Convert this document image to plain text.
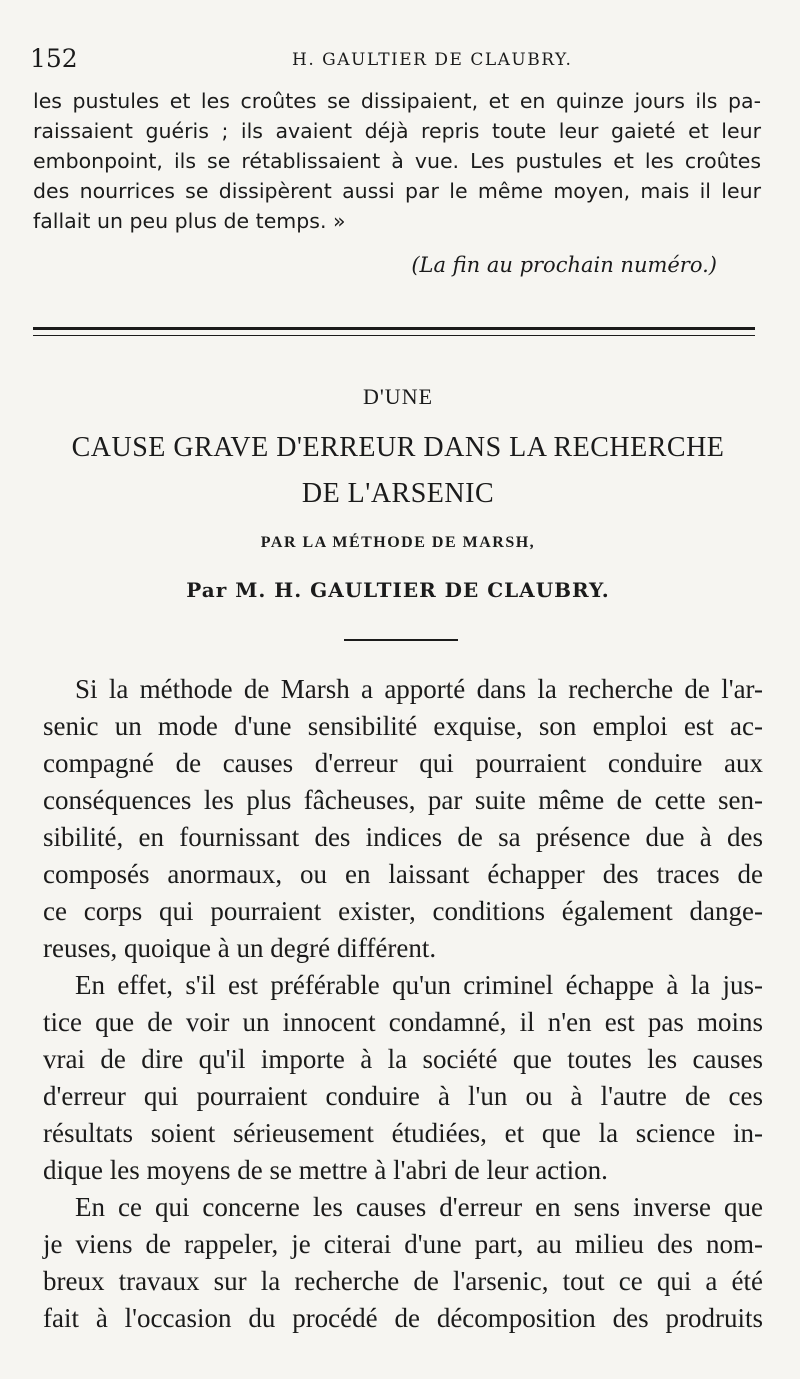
152	H. GAULTIER DE CLAUBRY.
les pustules et les croûtes se dissipaient, et en quinze jours ils pa-
raissaient guéris ; ils avaient déjà repris toute leur gaieté et leur
embonpoint, ils se rétablissaient à vue. Les pustules et les croûtes
des nourrices se dissipèrent aussi par le même moyen, mais il leur
fallait un peu plus de temps. »
(La fin au prochain numéro.)
D'UNE
CAUSE GRAVE D'ERREUR DANS LA RECHERCHE
DE L'ARSENIC
PAR LA MÉTHODE DE MARSH,
Par M. H. GAULTIER DE CLAUBRY.
Si la méthode de Marsh a apporté dans la recherche de l'ar-
senic un mode d'une sensibilité exquise, son emploi est ac-
compagné de causes d'erreur qui pourraient conduire aux
conséquences les plus fâcheuses, par suite même de cette sen-
sibilité, en fournissant des indices de sa présence due à des
composés anormaux, ou en laissant échapper des traces de
ce corps qui pourraient exister, conditions également dange-
reuses, quoique à un degré différent.
En effet, s'il est préférable qu'un criminel échappe à la jus-
tice que de voir un innocent condamné, il n'en est pas moins
vrai de dire qu'il importe à la société que toutes les causes
d'erreur qui pourraient conduire à l'un ou à l'autre de ces
résultats soient sérieusement étudiées, et que la science in-
dique les moyens de se mettre à l'abri de leur action.
En ce qui concerne les causes d'erreur en sens inverse que
je viens de rappeler, je citerai d'une part, au milieu des nom-
breux travaux sur la recherche de l'arsenic, tout ce qui a été
fait à l'occasion du procédé de décomposition des prodruits
